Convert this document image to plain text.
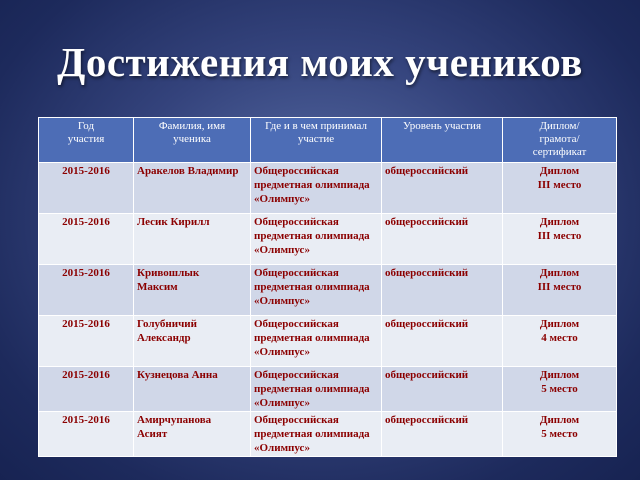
Достижения моих учеников
Год
участия	Фамилия, имя
ученика	Где и в чем принимал
участие	Уровень участия	Диплом/
грамота/
сертификат

2015-2016	Аракелов Владимир	Общероссийская
предметная олимпиада
«Олимпус»	общероссийский	Диплом
III место

2015-2016	Лесик Кирилл	Общероссийская
предметная олимпиада
«Олимпус»	общероссийский	Диплом
III место

2015-2016	Кривошлык
Максим	Общероссийская
предметная олимпиада
«Олимпус»	общероссийский	Диплом
III место

2015-2016	Голубничий
Александр	Общероссийская
предметная олимпиада
«Олимпус»	общероссийский	Диплом
4 место

2015-2016	Кузнецова Анна	Общероссийская
предметная олимпиада
«Олимпус»	общероссийский	Диплом
5 место

2015-2016	Амирчупанова
Асият	Общероссийская
предметная олимпиада
«Олимпус»	общероссийский	Диплом
5 место
